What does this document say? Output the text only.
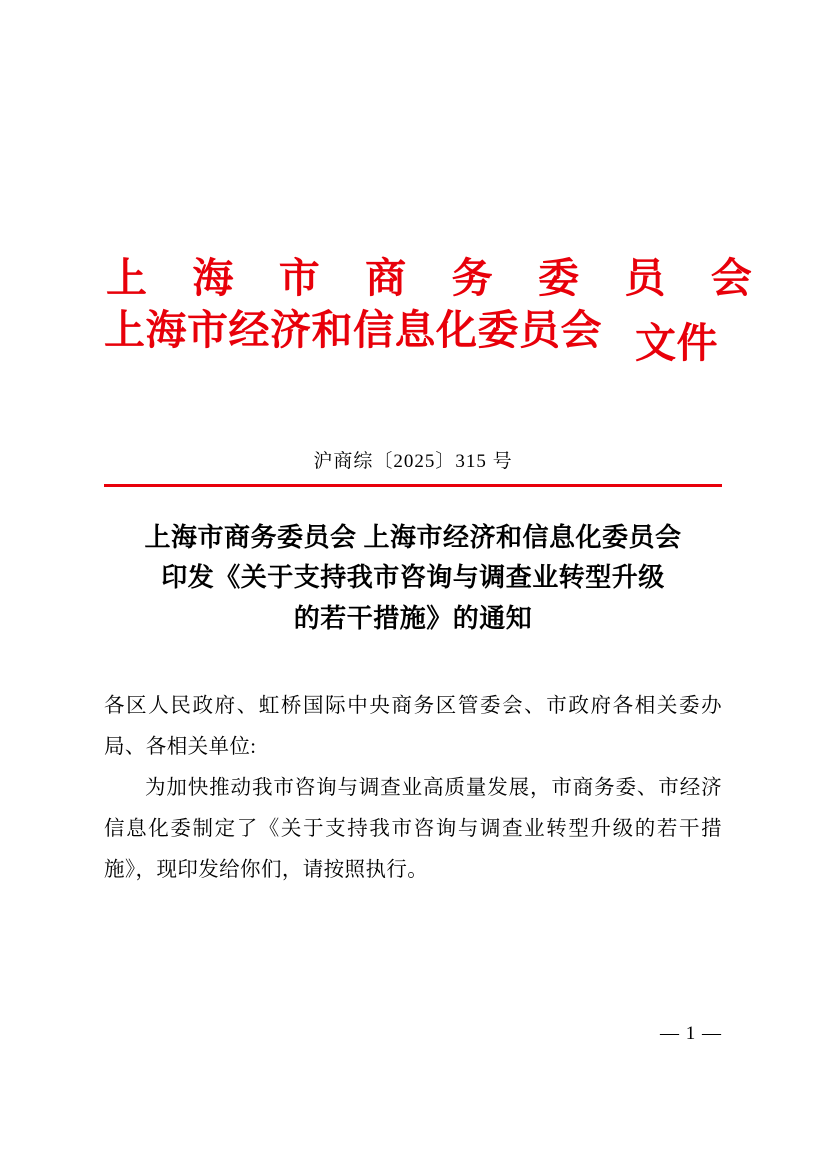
上 海 市 商 务 委 员 会
上海市经济和信息化委员会 文件
沪商综〔2025〕315 号
上海市商务委员会 上海市经济和信息化委员会
印发《关于支持我市咨询与调查业转型升级
的若干措施》的通知

各区人民政府、虹桥国际中央商务区管委会、市政府各相关委办局、各相关单位:

为加快推动我市咨询与调查业高质量发展，市商务委、市经济信息化委制定了《关于支持我市咨询与调查业转型升级的若干措施》，现印发给你们，请按照执行。

— 1 —
